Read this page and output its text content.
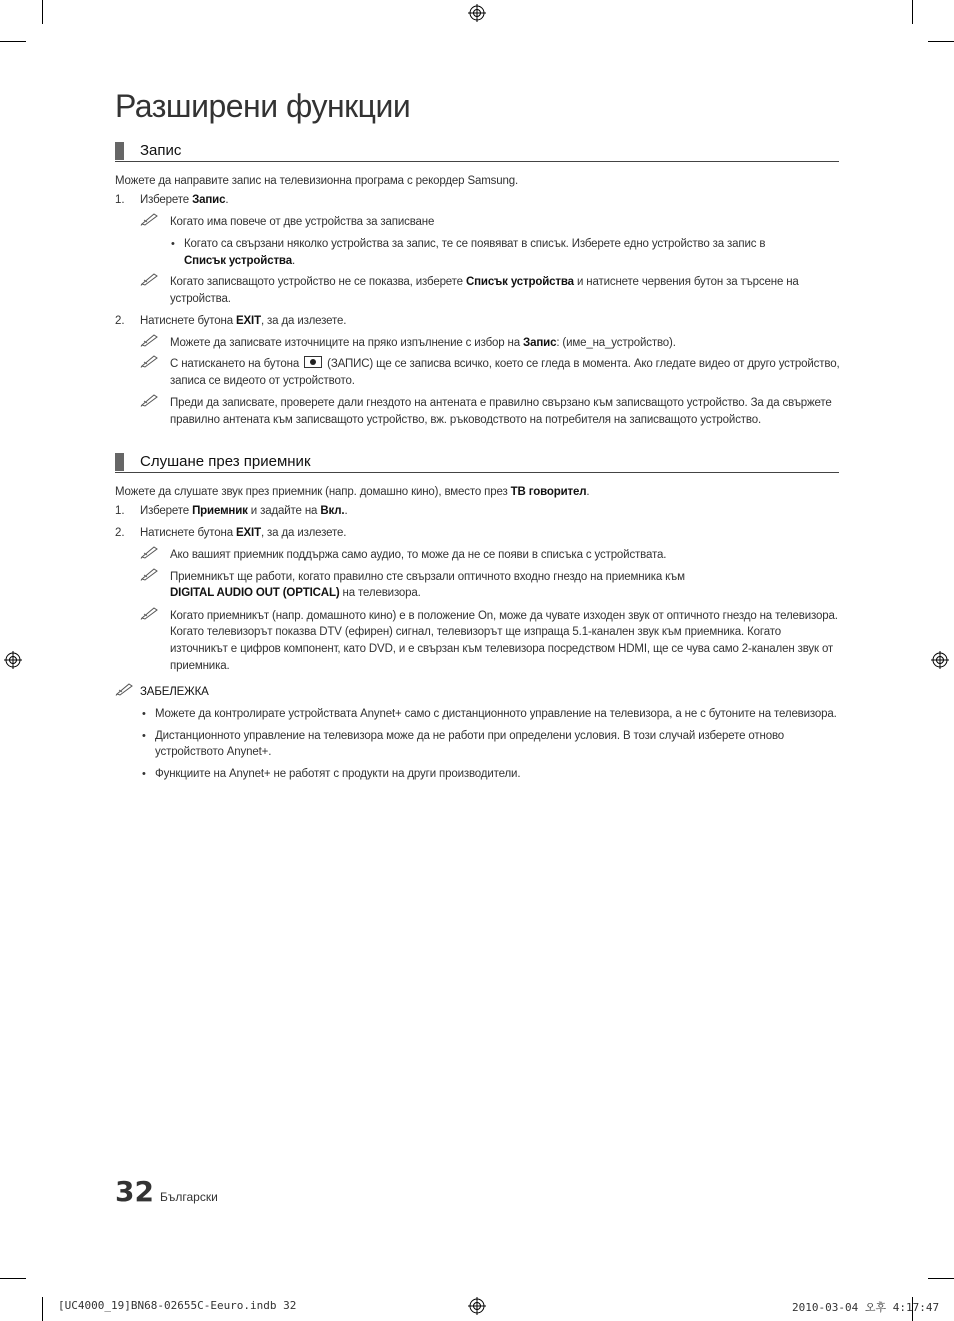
Разширени функции
Запис
Можете да направите запис на телевизионна програма с рекордер Samsung.
1. Изберете Запис.
Когато има повече от две устройства за записване
• Когато са свързани няколко устройства за запис, те се появяват в списък. Изберете едно устройство за запис в
Списък устройства.
Когато записващото устройство не се показва, изберете Списък устройства и натиснете червения бутон за търсене на
устройства.
2. Натиснете бутона EXIT, за да излезете.
Можете да записвате източниците на пряко изпълнение с избор на Запис: (име_на_устройство).
С натискането на бутона (ЗАПИС) ще се записва всичко, което се гледа в момента. Ако гледате видео от друго устройство,
записа се видеото от устройството.
Преди да записвате, проверете дали гнездото на антената е правилно свързано към записващото устройство. За да свържете
правилно антената към записващото устройство, вж. ръководството на потребителя на записващото устройство.
Слушане през приемник
Можете да слушате звук през приемник (напр. домашно кино), вместо през ТВ говорител.
1. Изберете Приемник и задайте на Вкл..
2. Натиснете бутона EXIT, за да излезете.
Ако вашият приемник поддържа само аудио, то може да не се появи в списъка с устройствата.
Приемникът ще работи, когато правилно сте свързали оптичното входно гнездо на приемника към
DIGITAL AUDIO OUT (OPTICAL) на телевизора.
Когато приемникът (напр. домашното кино) е в положение On, може да чувате изходен звук от оптичното гнездо на телевизора.
Когато телевизорът показва DTV (ефирен) сигнал, телевизорът ще изпраща 5.1-канален звук към приемника. Когато
източникът е цифров компонент, като DVD, и е свързан към телевизора посредством HDMI, ще се чува само 2-канален звук от
приемника.
ЗАБЕЛЕЖКА
• Можете да контролирате устройствата Anynet+ само с дистанционното управление на телевизора, а не с бутоните на телевизора.
• Дистанционното управление на телевизора може да не работи при определени условия. В този случай изберете отново
устройството Anynet+.
• Функциите на Anynet+ не работят с продукти на други производители.
32 Български
[UC4000_19]BN68-02655C-Eeuro.indb 32	2010-03-04 오후 4:17:47
